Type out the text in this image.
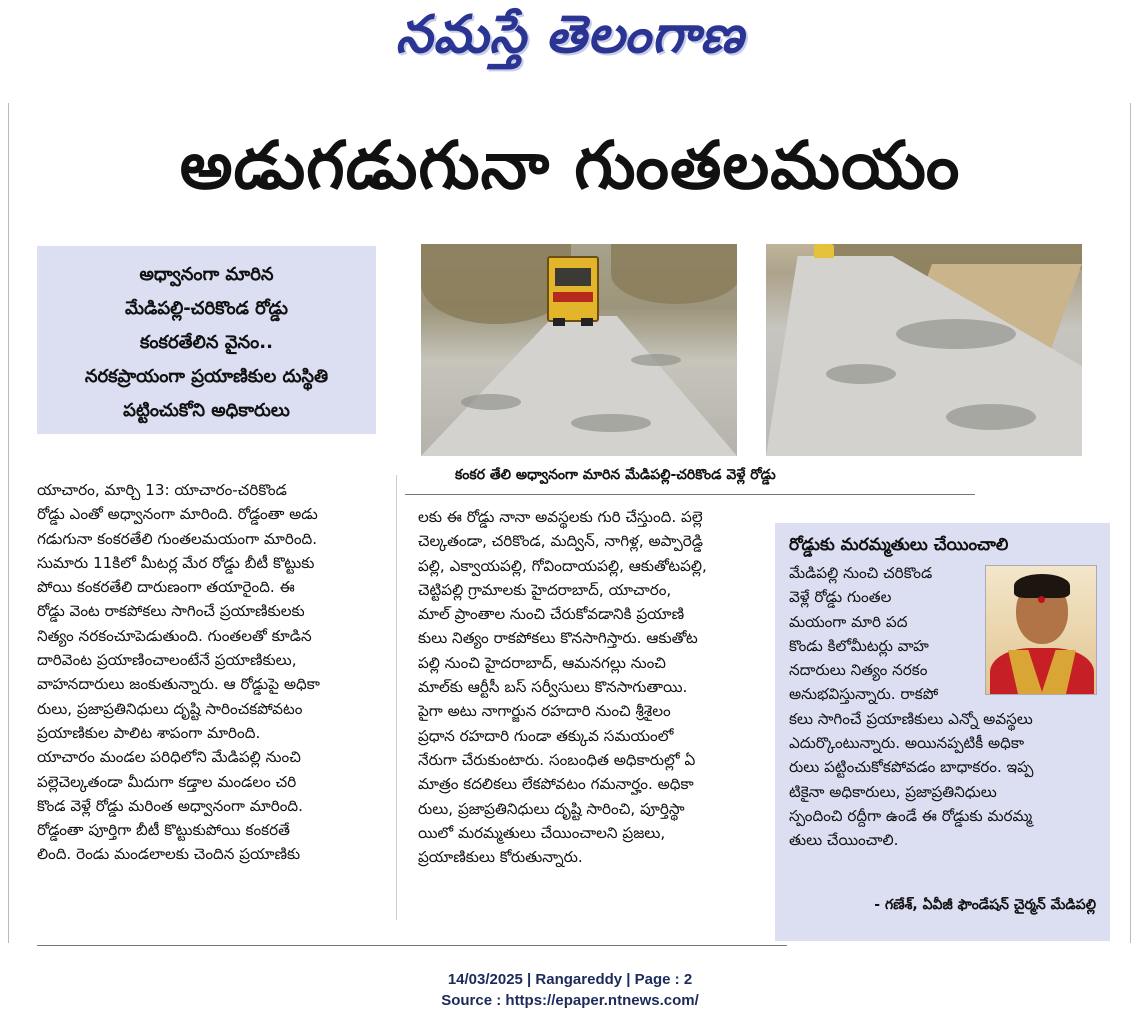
నమస్తే తెలంగాణ
అడుగడుగునా గుంతలమయం
అధ్వానంగా మారిన
మేడిపల్లి-చరికొండ రోడ్డు
కంకరతేలిన వైనం..
నరకప్రాయంగా ప్రయాణికుల దుస్థితి
పట్టించుకోని అధికారులు
కంకర తేలి అధ్వానంగా మారిన మేడిపల్లి-చరికొండ వెళ్లే రోడ్డు
యాచారం, మార్చి 13: యాచారం-చరికొండ
రోడ్డు ఎంతో అధ్వానంగా మారింది. రోడ్డంతా అడు
గడుగునా కంకరతేలి గుంతలమయంగా మారింది.
సుమారు 11కిలో మీటర్ల మేర రోడ్డు బీటీ కొట్టుకు
పోయి కంకరతేలి దారుణంగా తయారైంది. ఈ
రోడ్డు వెంట రాకపోకలు సాగించే ప్రయాణికులకు
నిత్యం నరకంచూపెడుతుంది. గుంతలతో కూడిన
దారివెంట ప్రయాణించాలంటేనే ప్రయాణికులు,
వాహనదారులు జంకుతున్నారు. ఆ రోడ్డుపై అధికా
రులు, ప్రజాప్రతినిధులు దృష్టి సారించకపోవటం
ప్రయాణికుల పాలిట శాపంగా మారింది.
యాచారం మండల పరిధిలోని మేడిపల్లి నుంచి
పల్లెచెల్కతండా మీదుగా కడ్తాల మండలం చరి
కొండ వెళ్లే రోడ్డు మరింత అధ్వానంగా మారింది.
రోడ్డంతా పూర్తిగా బీటీ కొట్టుకుపోయి కంకరతే
లింది. రెండు మండలాలకు చెందిన ప్రయాణికు
లకు ఈ రోడ్డు నానా అవస్థలకు గురి చేస్తుంది. పల్లె
చెల్కతండా, చరికొండ, మద్విన్, నాగిళ్ల, అప్పారెడ్డి
పల్లి, ఎక్వాయపల్లి, గోవిందాయపల్లి, ఆకుతోటపల్లి,
చెట్టిపల్లి గ్రామాలకు హైదరాబాద్, యాచారం,
మాల్ ప్రాంతాల నుంచి చేరుకోవడానికి ప్రయాణి
కులు నిత్యం రాకపోకలు కొనసాగిస్తారు. ఆకుతోట
పల్లి నుంచి హైదరాబాద్, ఆమనగల్లు నుంచి
మాల్‌కు ఆర్టీసీ బస్ సర్వీసులు కొనసాగుతాయి.
పైగా అటు నాగార్జున రహదారి నుంచి శ్రీశైలం
ప్రధాన రహదారి గుండా తక్కువ సమయంలో
నేరుగా చేరుకుంటారు. సంబంధిత అధికారుల్లో ఏ
మాత్రం కదలికలు లేకపోవటం గమనార్హం. అధికా
రులు, ప్రజాప్రతినిధులు దృష్టి సారించి, పూర్తిస్థా
యిలో మరమ్మతులు చేయించాలని ప్రజలు,
ప్రయాణికులు కోరుతున్నారు.
రోడ్డుకు మరమ్మతులు చేయించాలి
మేడిపల్లి నుంచి చరికొండ
వెళ్లే రోడ్డు గుంతల
మయంగా మారి పద
కొండు కిలోమీటర్లు వాహ
నదారులు నిత్యం నరకం
అనుభవిస్తున్నారు. రాకపో
కలు సాగించే ప్రయాణికులు ఎన్నో అవస్థలు
ఎదుర్కొంటున్నారు. అయినప్పటికీ అధికా
రులు పట్టించుకోకపోవడం బాధాకరం. ఇప్ప
టికైనా అధికారులు, ప్రజాప్రతినిధులు
స్పందించి రద్దీగా ఉండే ఈ రోడ్డుకు మరమ్మ
తులు చేయించాలి.
- గణేశ్, ఏవీజీ ఫౌండేషన్ చైర్మన్ మేడిపల్లి
14/03/2025 | Rangareddy | Page : 2
Source : https://epaper.ntnews.com/
